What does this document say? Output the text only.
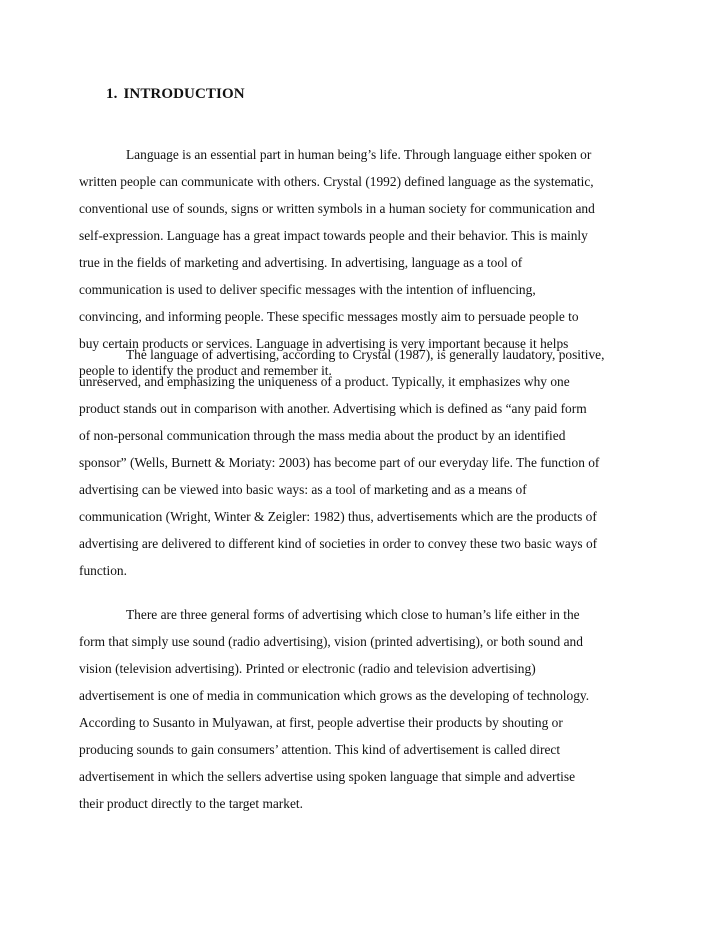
1. INTRODUCTION
Language is an essential part in human being’s life. Through language either spoken or
written people can communicate with others. Crystal (1992) defined language as the systematic,
conventional use of sounds, signs or written symbols in a human society for communication and
self-expression. Language has a great impact towards people and their behavior. This is mainly
true in the fields of marketing and advertising. In advertising, language as a tool of
communication is used to deliver specific messages with the intention of influencing,
convincing, and informing people. These specific messages mostly aim to persuade people to
buy certain products or services. Language in advertising is very important because it helps
people to identify the product and remember it.
The language of advertising, according to Crystal (1987), is generally laudatory, positive,
unreserved, and emphasizing the uniqueness of a product. Typically, it emphasizes why one
product stands out in comparison with another. Advertising which is defined as “any paid form
of non-personal communication through the mass media about the product by an identified
sponsor” (Wells, Burnett & Moriaty: 2003) has become part of our everyday life. The function of
advertising can be viewed into basic ways: as a tool of marketing and as a means of
communication (Wright, Winter & Zeigler: 1982) thus, advertisements which are the products of
advertising are delivered to different kind of societies in order to convey these two basic ways of
function.
There are three general forms of advertising which close to human’s life either in the
form that simply use sound (radio advertising), vision (printed advertising), or both sound and
vision (television advertising). Printed or electronic (radio and television advertising)
advertisement is one of media in communication which grows as the developing of technology.
According to Susanto in Mulyawan, at first, people advertise their products by shouting or
producing sounds to gain consumers’ attention. This kind of advertisement is called direct
advertisement in which the sellers advertise using spoken language that simple and advertise
their product directly to the target market.
